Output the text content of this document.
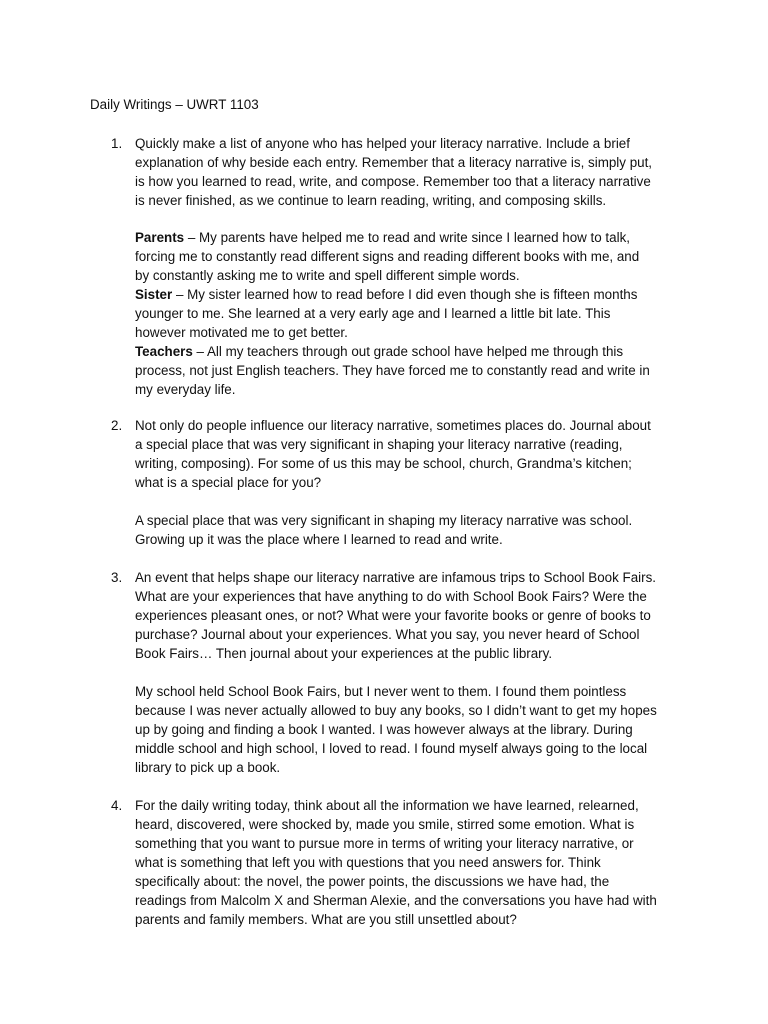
Daily Writings – UWRT 1103
1. Quickly make a list of anyone who has helped your literacy narrative. Include a brief
explanation of why beside each entry. Remember that a literacy narrative is, simply put,
is how you learned to read, write, and compose. Remember too that a literacy narrative
is never finished, as we continue to learn reading, writing, and composing skills.
Parents – My parents have helped me to read and write since I learned how to talk,
forcing me to constantly read different signs and reading different books with me, and
by constantly asking me to write and spell different simple words.
Sister – My sister learned how to read before I did even though she is fifteen months
younger to me. She learned at a very early age and I learned a little bit late. This
however motivated me to get better.
Teachers – All my teachers through out grade school have helped me through this
process, not just English teachers. They have forced me to constantly read and write in
my everyday life.
2. Not only do people influence our literacy narrative, sometimes places do. Journal about
a special place that was very significant in shaping your literacy narrative (reading,
writing, composing). For some of us this may be school, church, Grandma’s kitchen;
what is a special place for you?
A special place that was very significant in shaping my literacy narrative was school.
Growing up it was the place where I learned to read and write.
3. An event that helps shape our literacy narrative are infamous trips to School Book Fairs.
What are your experiences that have anything to do with School Book Fairs? Were the
experiences pleasant ones, or not? What were your favorite books or genre of books to
purchase? Journal about your experiences. What you say, you never heard of School
Book Fairs… Then journal about your experiences at the public library.
My school held School Book Fairs, but I never went to them. I found them pointless
because I was never actually allowed to buy any books, so I didn’t want to get my hopes
up by going and finding a book I wanted. I was however always at the library. During
middle school and high school, I loved to read. I found myself always going to the local
library to pick up a book.
4. For the daily writing today, think about all the information we have learned, relearned,
heard, discovered, were shocked by, made you smile, stirred some emotion. What is
something that you want to pursue more in terms of writing your literacy narrative, or
what is something that left you with questions that you need answers for. Think
specifically about: the novel, the power points, the discussions we have had, the
readings from Malcolm X and Sherman Alexie, and the conversations you have had with
parents and family members. What are you still unsettled about?
